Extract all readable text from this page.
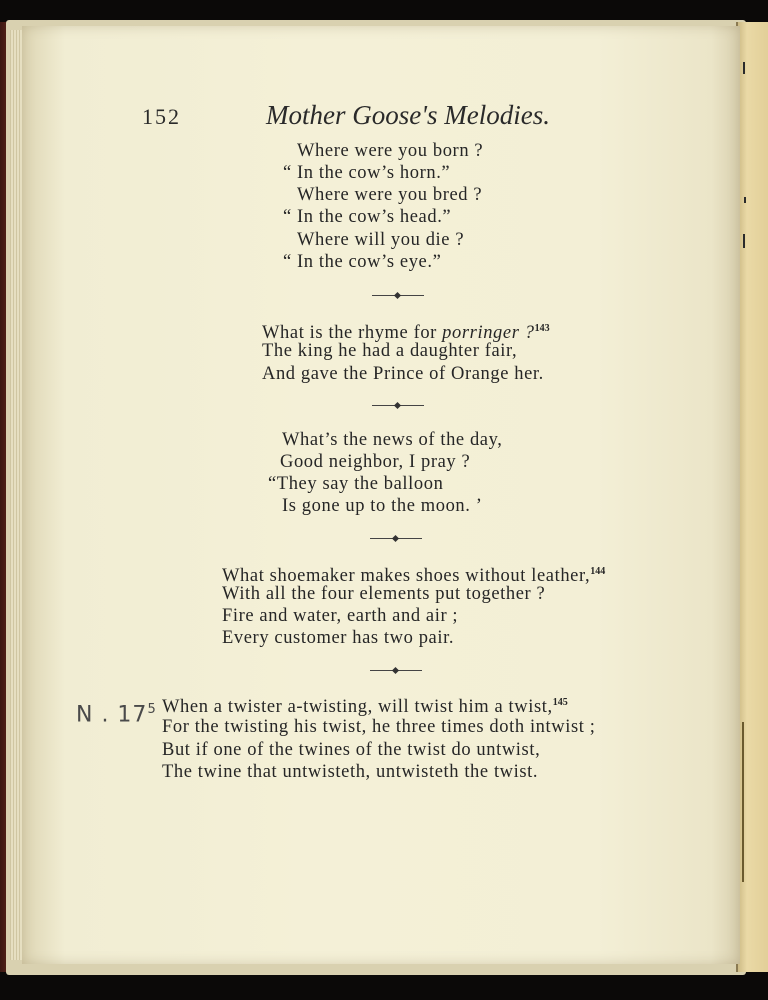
152	Mother Goose's Melodies.
Where were you born ?
“ In the cow’s horn.”
Where were you bred ?
“ In the cow’s head.”
Where will you die ?
“ In the cow’s eye.”
What is the rhyme for porringer ?$^{143}$
The king he had a daughter fair,
And gave the Prince of Orange her.
What’s the news of the day,
Good neighbor, I pray ?
“They say the balloon
Is gone up to the moon. ’
What shoemaker makes shoes without leather,$^{144}$
With all the four elements put together ?
Fire and water, earth and air ;
Every customer has two pair.
When a twister a-twisting, will twist him a twist,$^{145}$
For the twisting his twist, he three times doth intwist ;
But if one of the twines of the twist do untwist,
The twine that untwisteth, untwisteth the twist.
N . $17^5$
